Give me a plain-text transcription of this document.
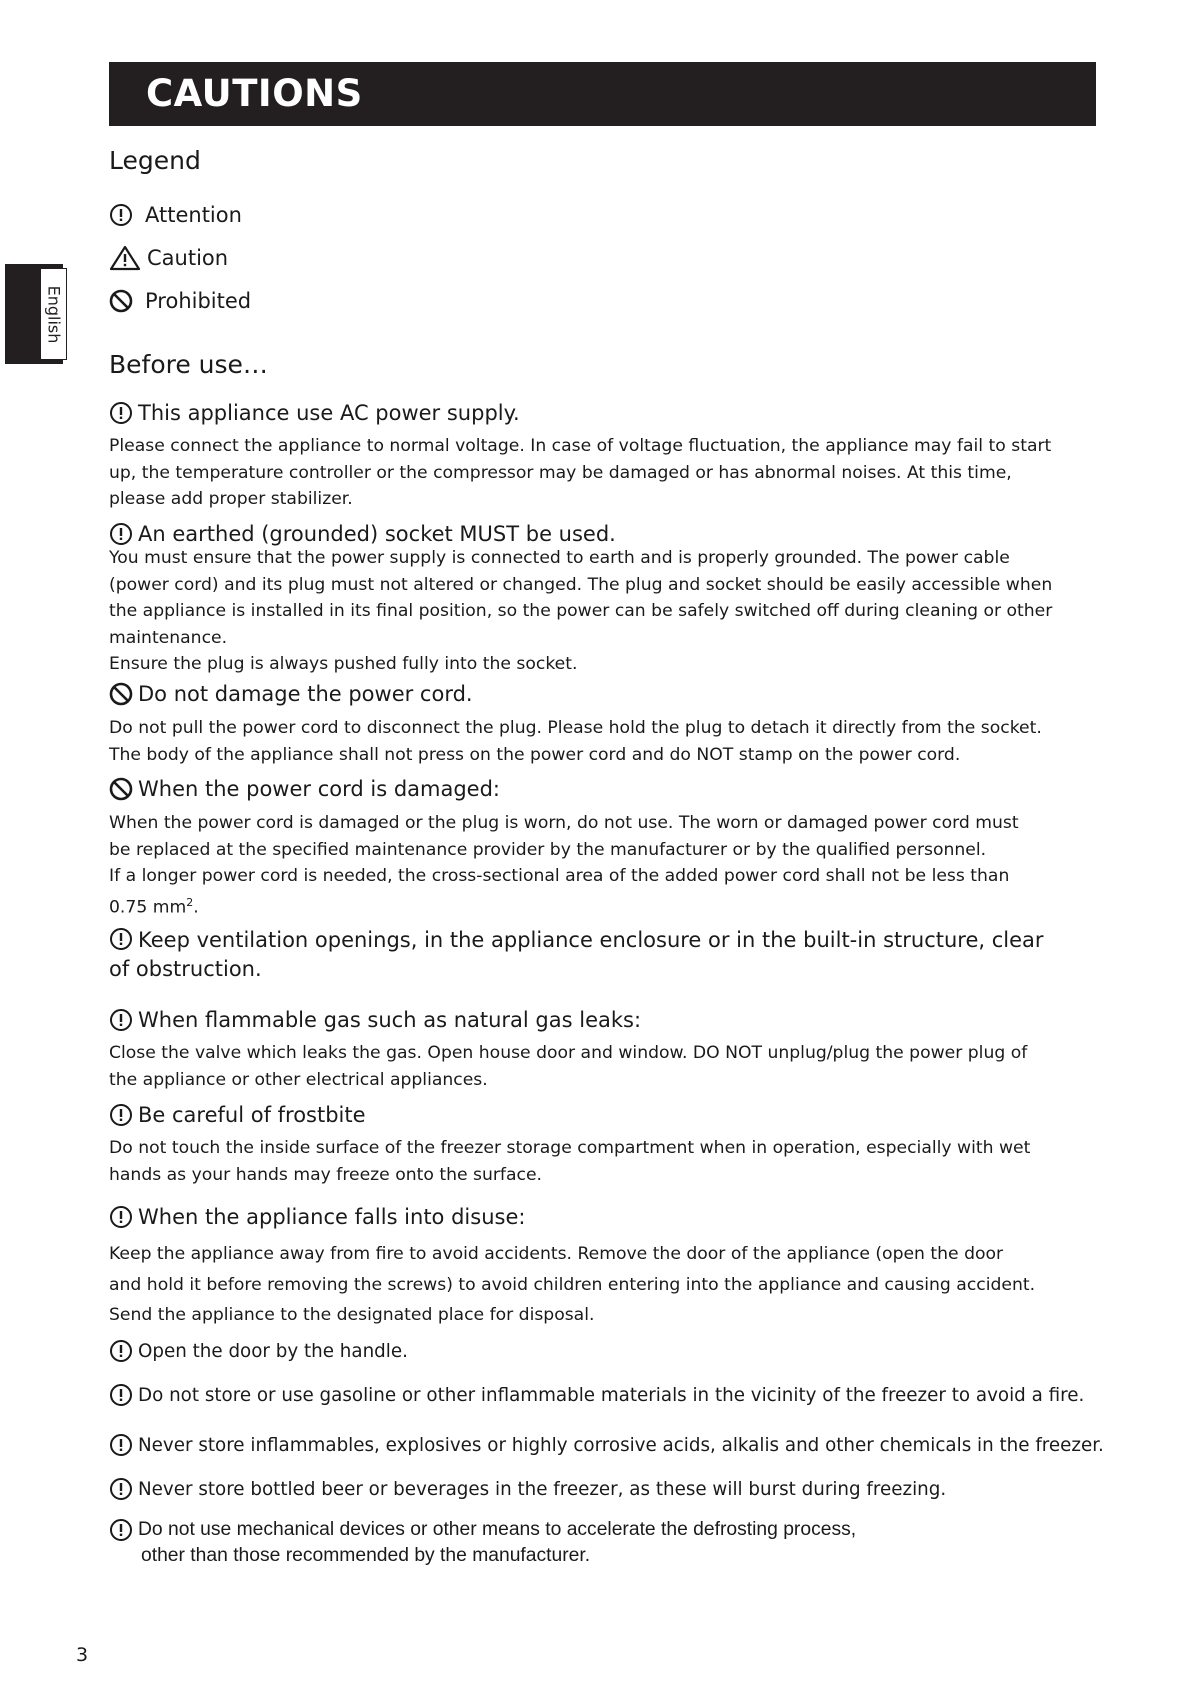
CAUTIONS
English
Legend
Attention
Caution
Prohibited
Before use…
This appliance use AC power supply.
Please connect the appliance to normal voltage. In case of voltage fluctuation, the appliance may fail to start
up, the temperature controller or the compressor may be damaged or has abnormal noises. At this time,
please add proper stabilizer.
An earthed (grounded) socket MUST be used.
You must ensure that the power supply is connected to earth and is properly grounded. The power cable
(power cord) and its plug must not altered or changed. The plug and socket should be easily accessible when
the appliance is installed in its final position, so the power can be safely switched off during cleaning or other
maintenance.
Ensure the plug is always pushed fully into the socket.
Do not damage the power cord.
Do not pull the power cord to disconnect the plug. Please hold the plug to detach it directly from the socket.
The body of the appliance shall not press on the power cord and do NOT stamp on the power cord.
When the power cord is damaged:
When the power cord is damaged or the plug is worn, do not use. The worn or damaged power cord must
be replaced at the specified maintenance provider by the manufacturer or by the qualified personnel.
If a longer power cord is needed, the cross-sectional area of the added power cord shall not be less than
0.75 $mm^2$.
Keep ventilation openings, in the appliance enclosure or in the built-in structure, clear of obstruction.
When flammable gas such as natural gas leaks:
Close the valve which leaks the gas. Open house door and window. DO NOT unplug/plug the power plug of
the appliance or other electrical appliances.
Be careful of frostbite
Do not touch the inside surface of the freezer storage compartment when in operation, especially with wet
hands as your hands may freeze onto the surface.
When the appliance falls into disuse:
Keep the appliance away from fire to avoid accidents. Remove the door of the appliance (open the door
and hold it before removing the screws) to avoid children entering into the appliance and causing accident.
Send the appliance to the designated place for disposal.
Open the door by the handle.
Do not store or use gasoline or other inflammable materials in the vicinity of the freezer to avoid a fire.
Never store inflammables, explosives or highly corrosive acids, alkalis and other chemicals in the freezer.
Never store bottled beer or beverages in the freezer, as these will burst during freezing.
Do not use mechanical devices or other means to accelerate the defrosting process,
other than those recommended by the manufacturer.
3
